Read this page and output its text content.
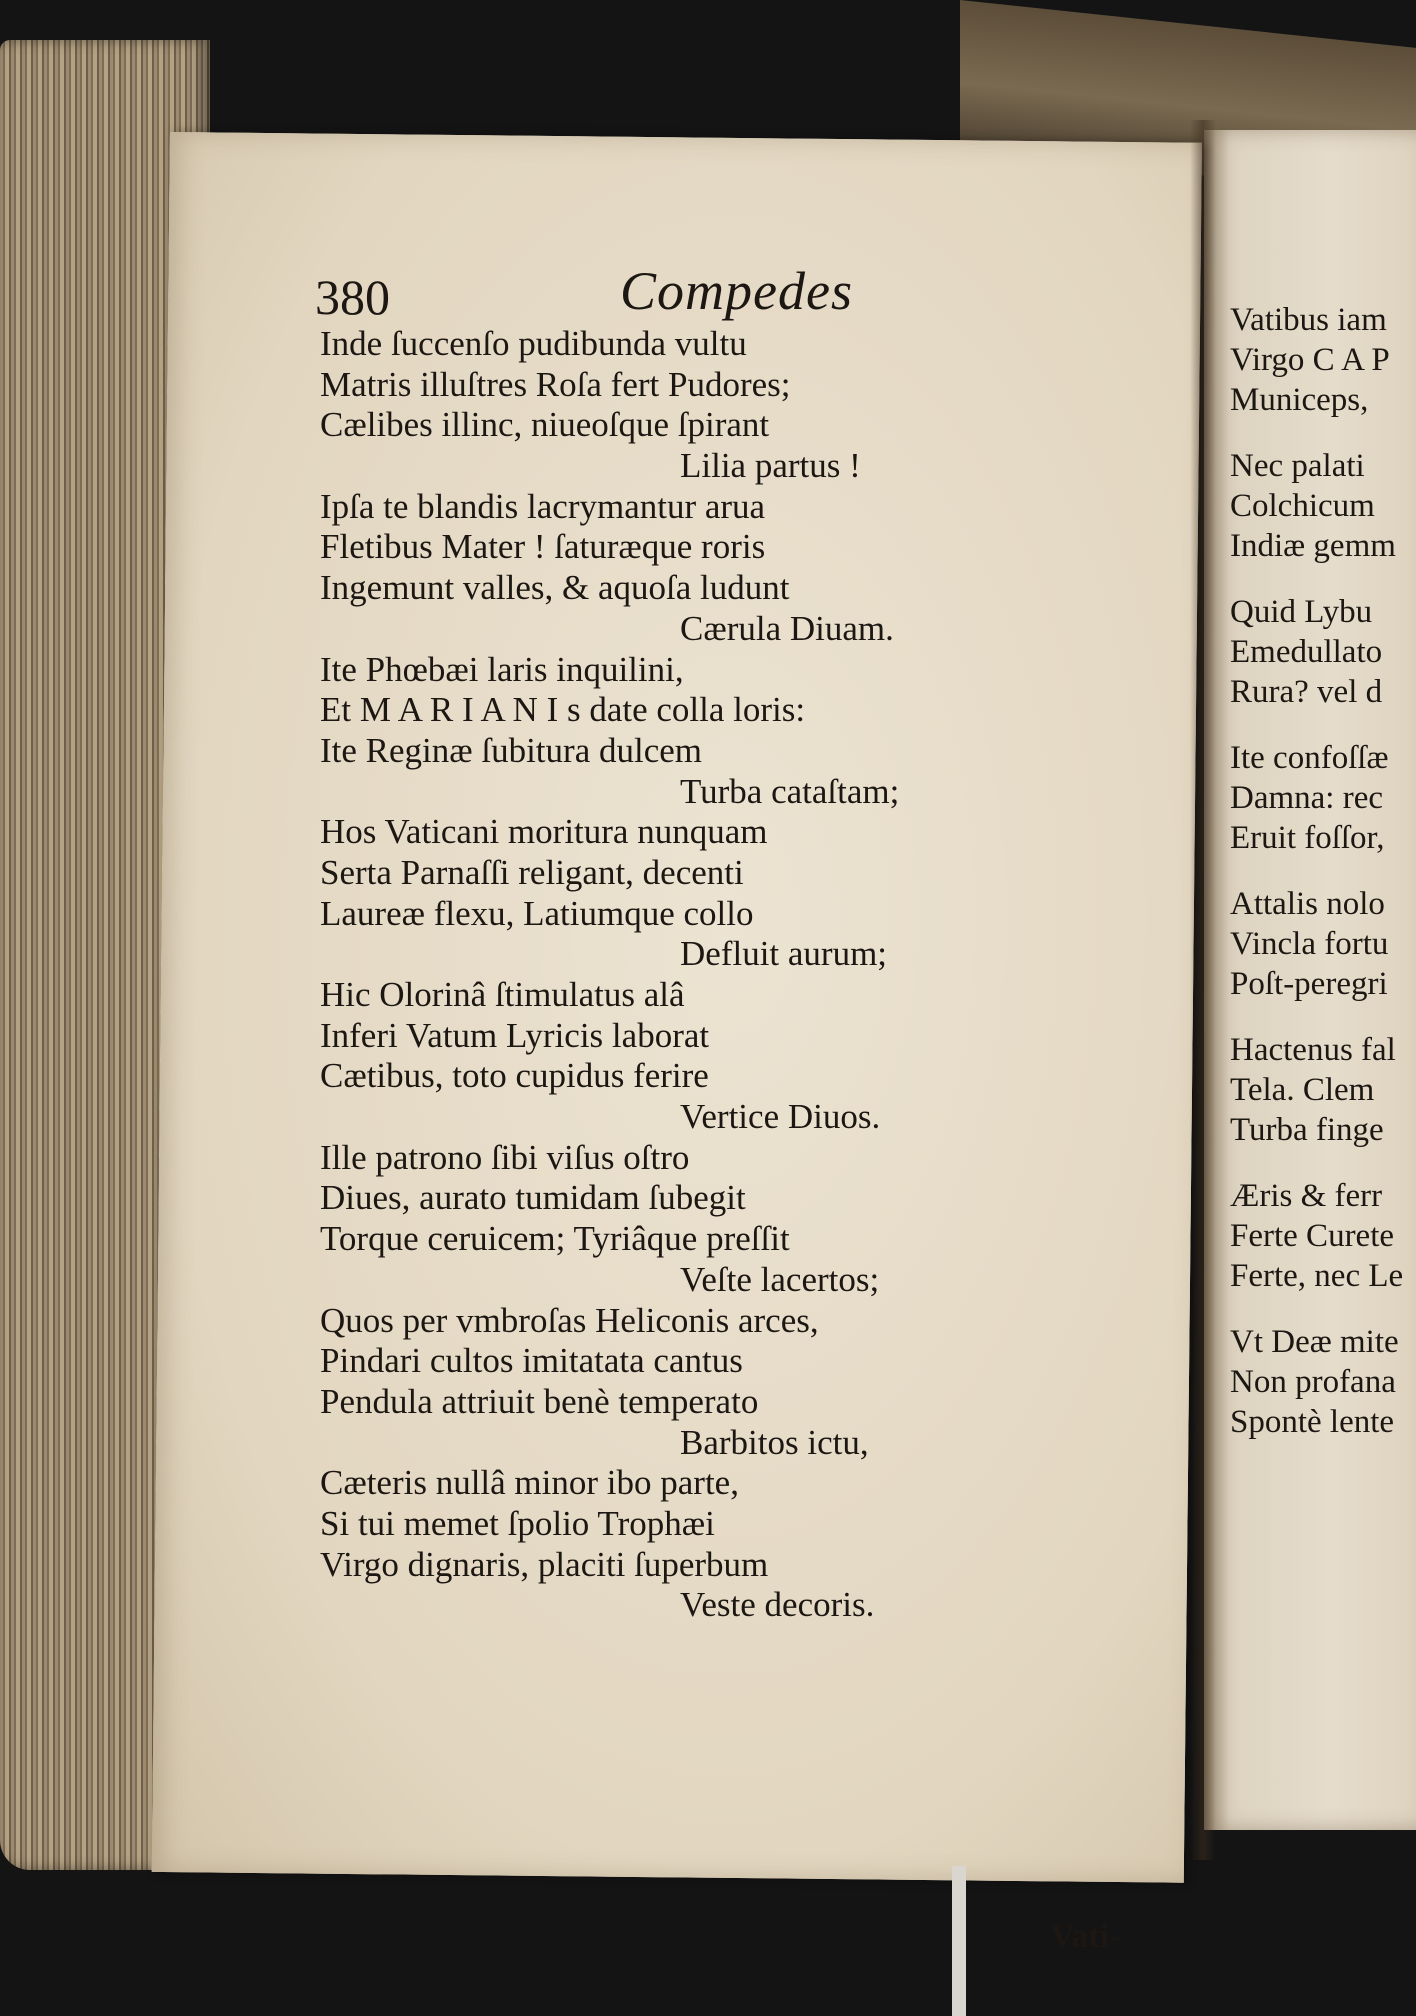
380	Compedes
Inde ſuccenſo pudibunda vultu
Matris illuſtres Roſa fert Pudores;
Cælibes illinc, niueoſque ſpirant
Lilia partus !
Ipſa te blandis lacrymantur arua
Fletibus Mater ! ſaturæque roris
Ingemunt valles, & aquoſa ludunt
Cærula Diuam.
Ite Phœbæi laris inquilini,
Et M A R I A N I s date colla loris:
Ite Reginæ ſubitura dulcem
Turba cataſtam;
Hos Vaticani moritura nunquam
Serta Parnaſſi religant, decenti
Laureæ flexu, Latiumque collo
Defluit aurum;
Hic Olorinâ ſtimulatus alâ
Inferi Vatum Lyricis laborat
Cætibus, toto cupidus ferire
Vertice Diuos.
Ille patrono ſibi viſus oſtro
Diues, aurato tumidam ſubegit
Torque ceruicem; Tyriâque preſſit
Veſte lacertos;
Quos per vmbroſas Heliconis arces,
Pindari cultos imitatata cantus
Pendula attriuit benè temperato
Barbitos ictu,
Cæteris nullâ minor ibo parte,
Si tui memet ſpolio Trophæi
Virgo dignaris, placiti ſuperbum
Veste decoris.
Vati-
Vatibus iam
Virgo C A P
Municeps,
Nec palati
Colchicum
Indiæ gemm
Quid Lybu
Emedullato
Rura? vel d
Ite confoſſæ
Damna: rec
Eruit foſſor,
Attalis nolo
Vincla fortu
Poſt-peregri
Hactenus fal
Tela. Clem
Turba finge
Æris & ferr
Ferte Curete
Ferte, nec Le
Vt Deæ mite
Non profana
Spontè lente
